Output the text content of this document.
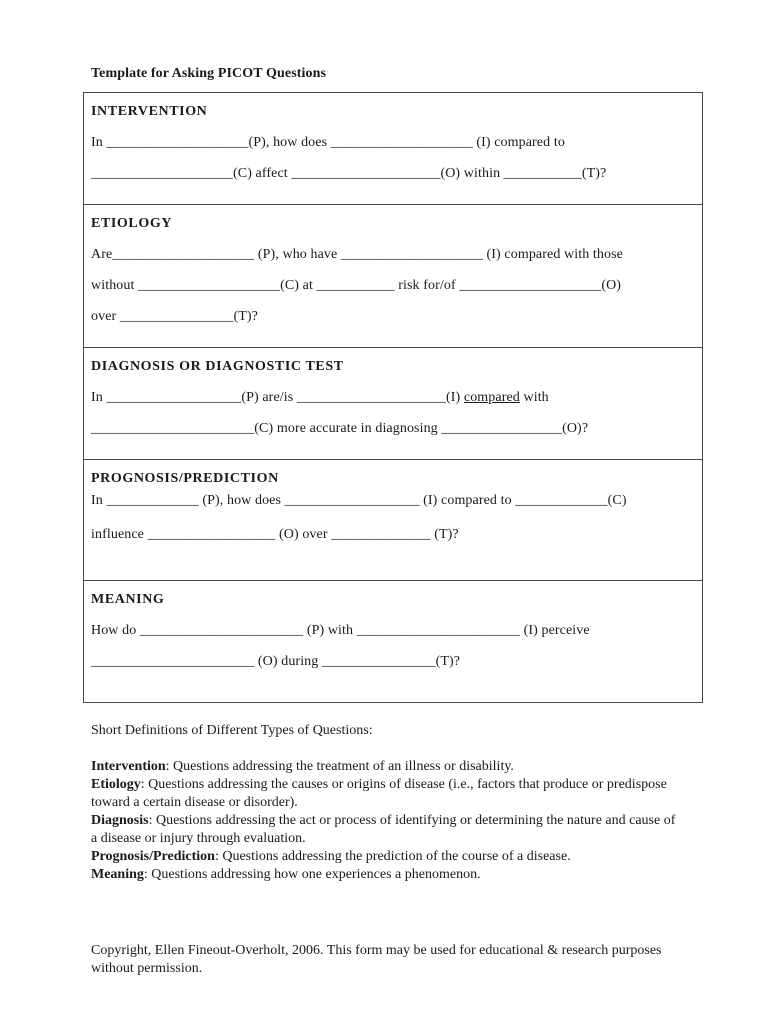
Template for Asking PICOT Questions
INTERVENTION
In ____________________(P), how does ____________________ (I) compared to
____________________(C) affect _____________________(O) within ___________(T)?
ETIOLOGY
Are____________________ (P), who have ____________________ (I) compared with those
without ____________________(C) at ___________ risk for/of ____________________(O)
over ________________(T)?
DIAGNOSIS OR DIAGNOSTIC TEST
In ___________________(P) are/is _____________________(I) compared with
_______________________(C) more accurate in diagnosing _________________(O)?
PROGNOSIS/PREDICTION
In _____________ (P), how does ___________________ (I) compared to _____________(C)
influence __________________ (O) over ______________ (T)?
MEANING
How do _______________________ (P) with _______________________ (I) perceive
_______________________ (O) during ________________(T)?

Short Definitions of Different Types of Questions:

Intervention: Questions addressing the treatment of an illness or disability.

Etiology: Questions addressing the causes or origins of disease (i.e., factors that produce or predispose toward a certain disease or disorder).

Diagnosis: Questions addressing the act or process of identifying or determining the nature and cause of a disease or injury through evaluation.

Prognosis/Prediction: Questions addressing the prediction of the course of a disease.

Meaning: Questions addressing how one experiences a phenomenon.

Copyright, Ellen Fineout-Overholt, 2006. This form may be used for educational & research purposes without permission.
